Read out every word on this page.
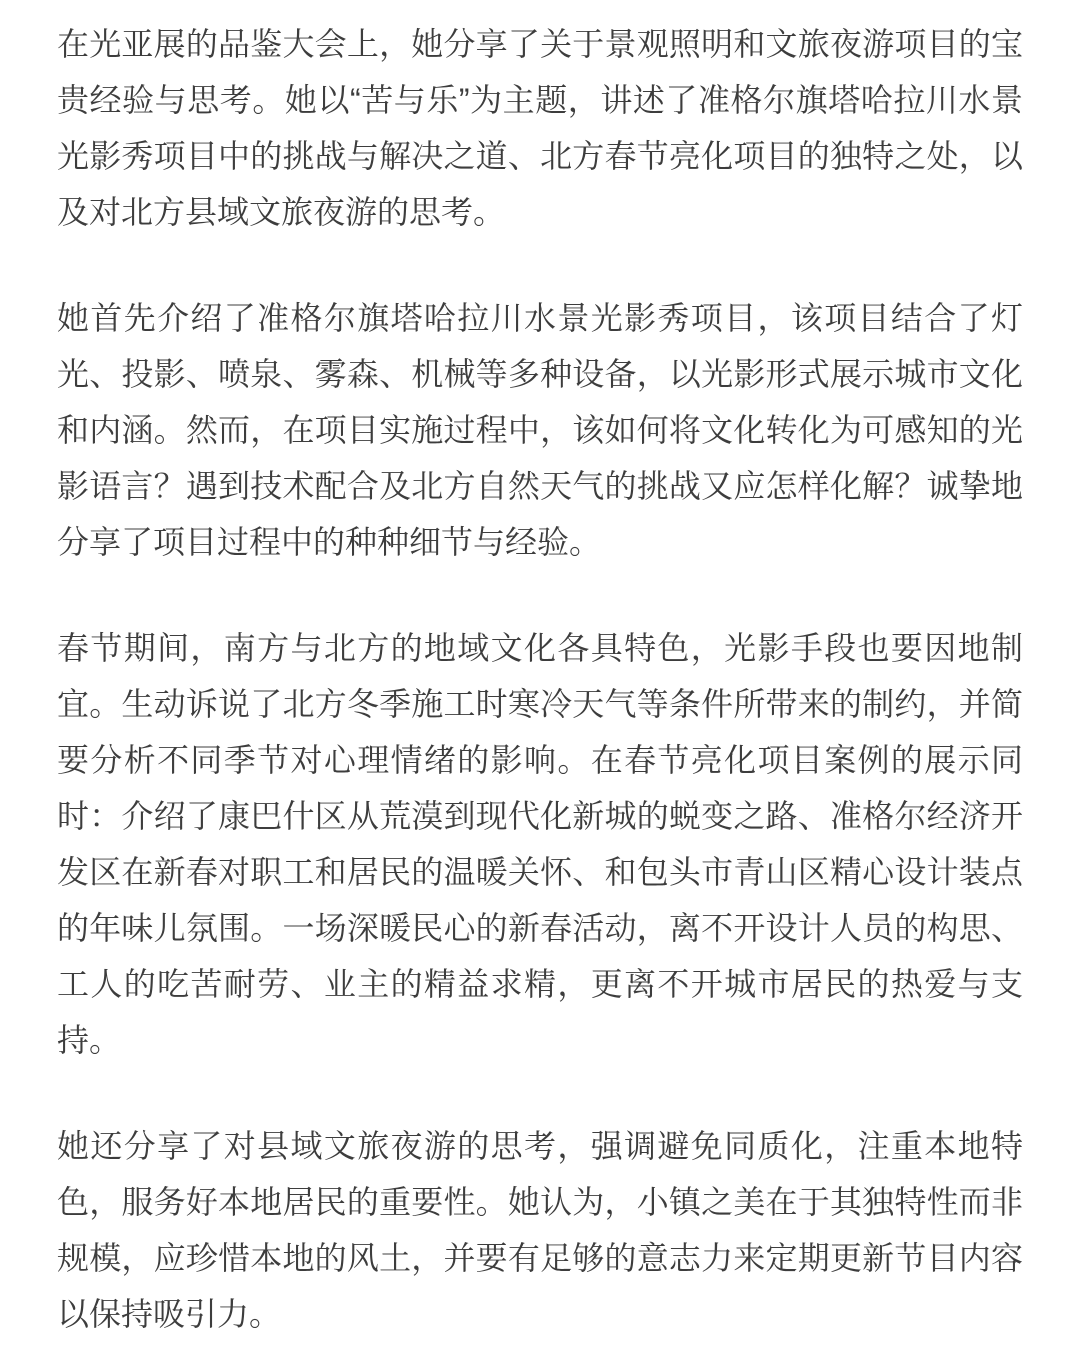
在光亚展的品鉴大会上，她分享了关于景观照明和文旅夜游项目的宝贵经验与思考。她以“苦与乐”为主题，讲述了准格尔旗塔哈拉川水景光影秀项目中的挑战与解决之道、北方春节亮化项目的独特之处，以及对北方县域文旅夜游的思考。

她首先介绍了准格尔旗塔哈拉川水景光影秀项目，该项目结合了灯光、投影、喷泉、雾森、机械等多种设备，以光影形式展示城市文化和内涵。然而，在项目实施过程中，该如何将文化转化为可感知的光影语言？遇到技术配合及北方自然天气的挑战又应怎样化解？诚挚地分享了项目过程中的种种细节与经验。

春节期间，南方与北方的地域文化各具特色，光影手段也要因地制宜。生动诉说了北方冬季施工时寒冷天气等条件所带来的制约，并简要分析不同季节对心理情绪的影响。在春节亮化项目案例的展示同时：介绍了康巴什区从荒漠到现代化新城的蜕变之路、准格尔经济开发区在新春对职工和居民的温暖关怀、和包头市青山区精心设计装点的年味儿氛围。一场深暖民心的新春活动，离不开设计人员的构思、工人的吃苦耐劳、业主的精益求精，更离不开城市居民的热爱与支持。

她还分享了对县域文旅夜游的思考，强调避免同质化，注重本地特色，服务好本地居民的重要性。她认为，小镇之美在于其独特性而非规模，应珍惜本地的风土，并要有足够的意志力来定期更新节目内容以保持吸引力。
